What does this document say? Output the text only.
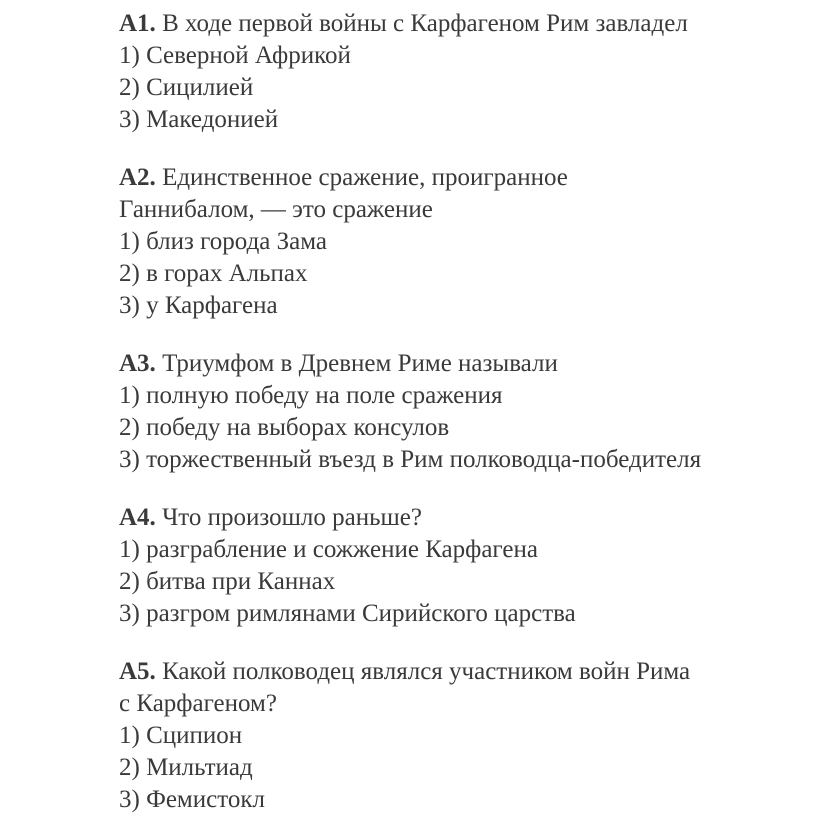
А1. В ходе первой войны с Карфагеном Рим завладел
1) Северной Африкой
2) Сицилией
3) Македонией
А2. Единственное сражение, проигранное
Ганнибалом, — это сражение
1) близ города Зама
2) в горах Альпах
3) у Карфагена
А3. Триумфом в Древнем Риме называли
1) полную победу на поле сражения
2) победу на выборах консулов
3) торжественный въезд в Рим полководца-победителя
А4. Что произошло раньше?
1) разграбление и сожжение Карфагена
2) битва при Каннах
3) разгром римлянами Сирийского царства
А5. Какой полководец являлся участником войн Рима
с Карфагеном?
1) Сципион
2) Мильтиад
3) Фемистокл
